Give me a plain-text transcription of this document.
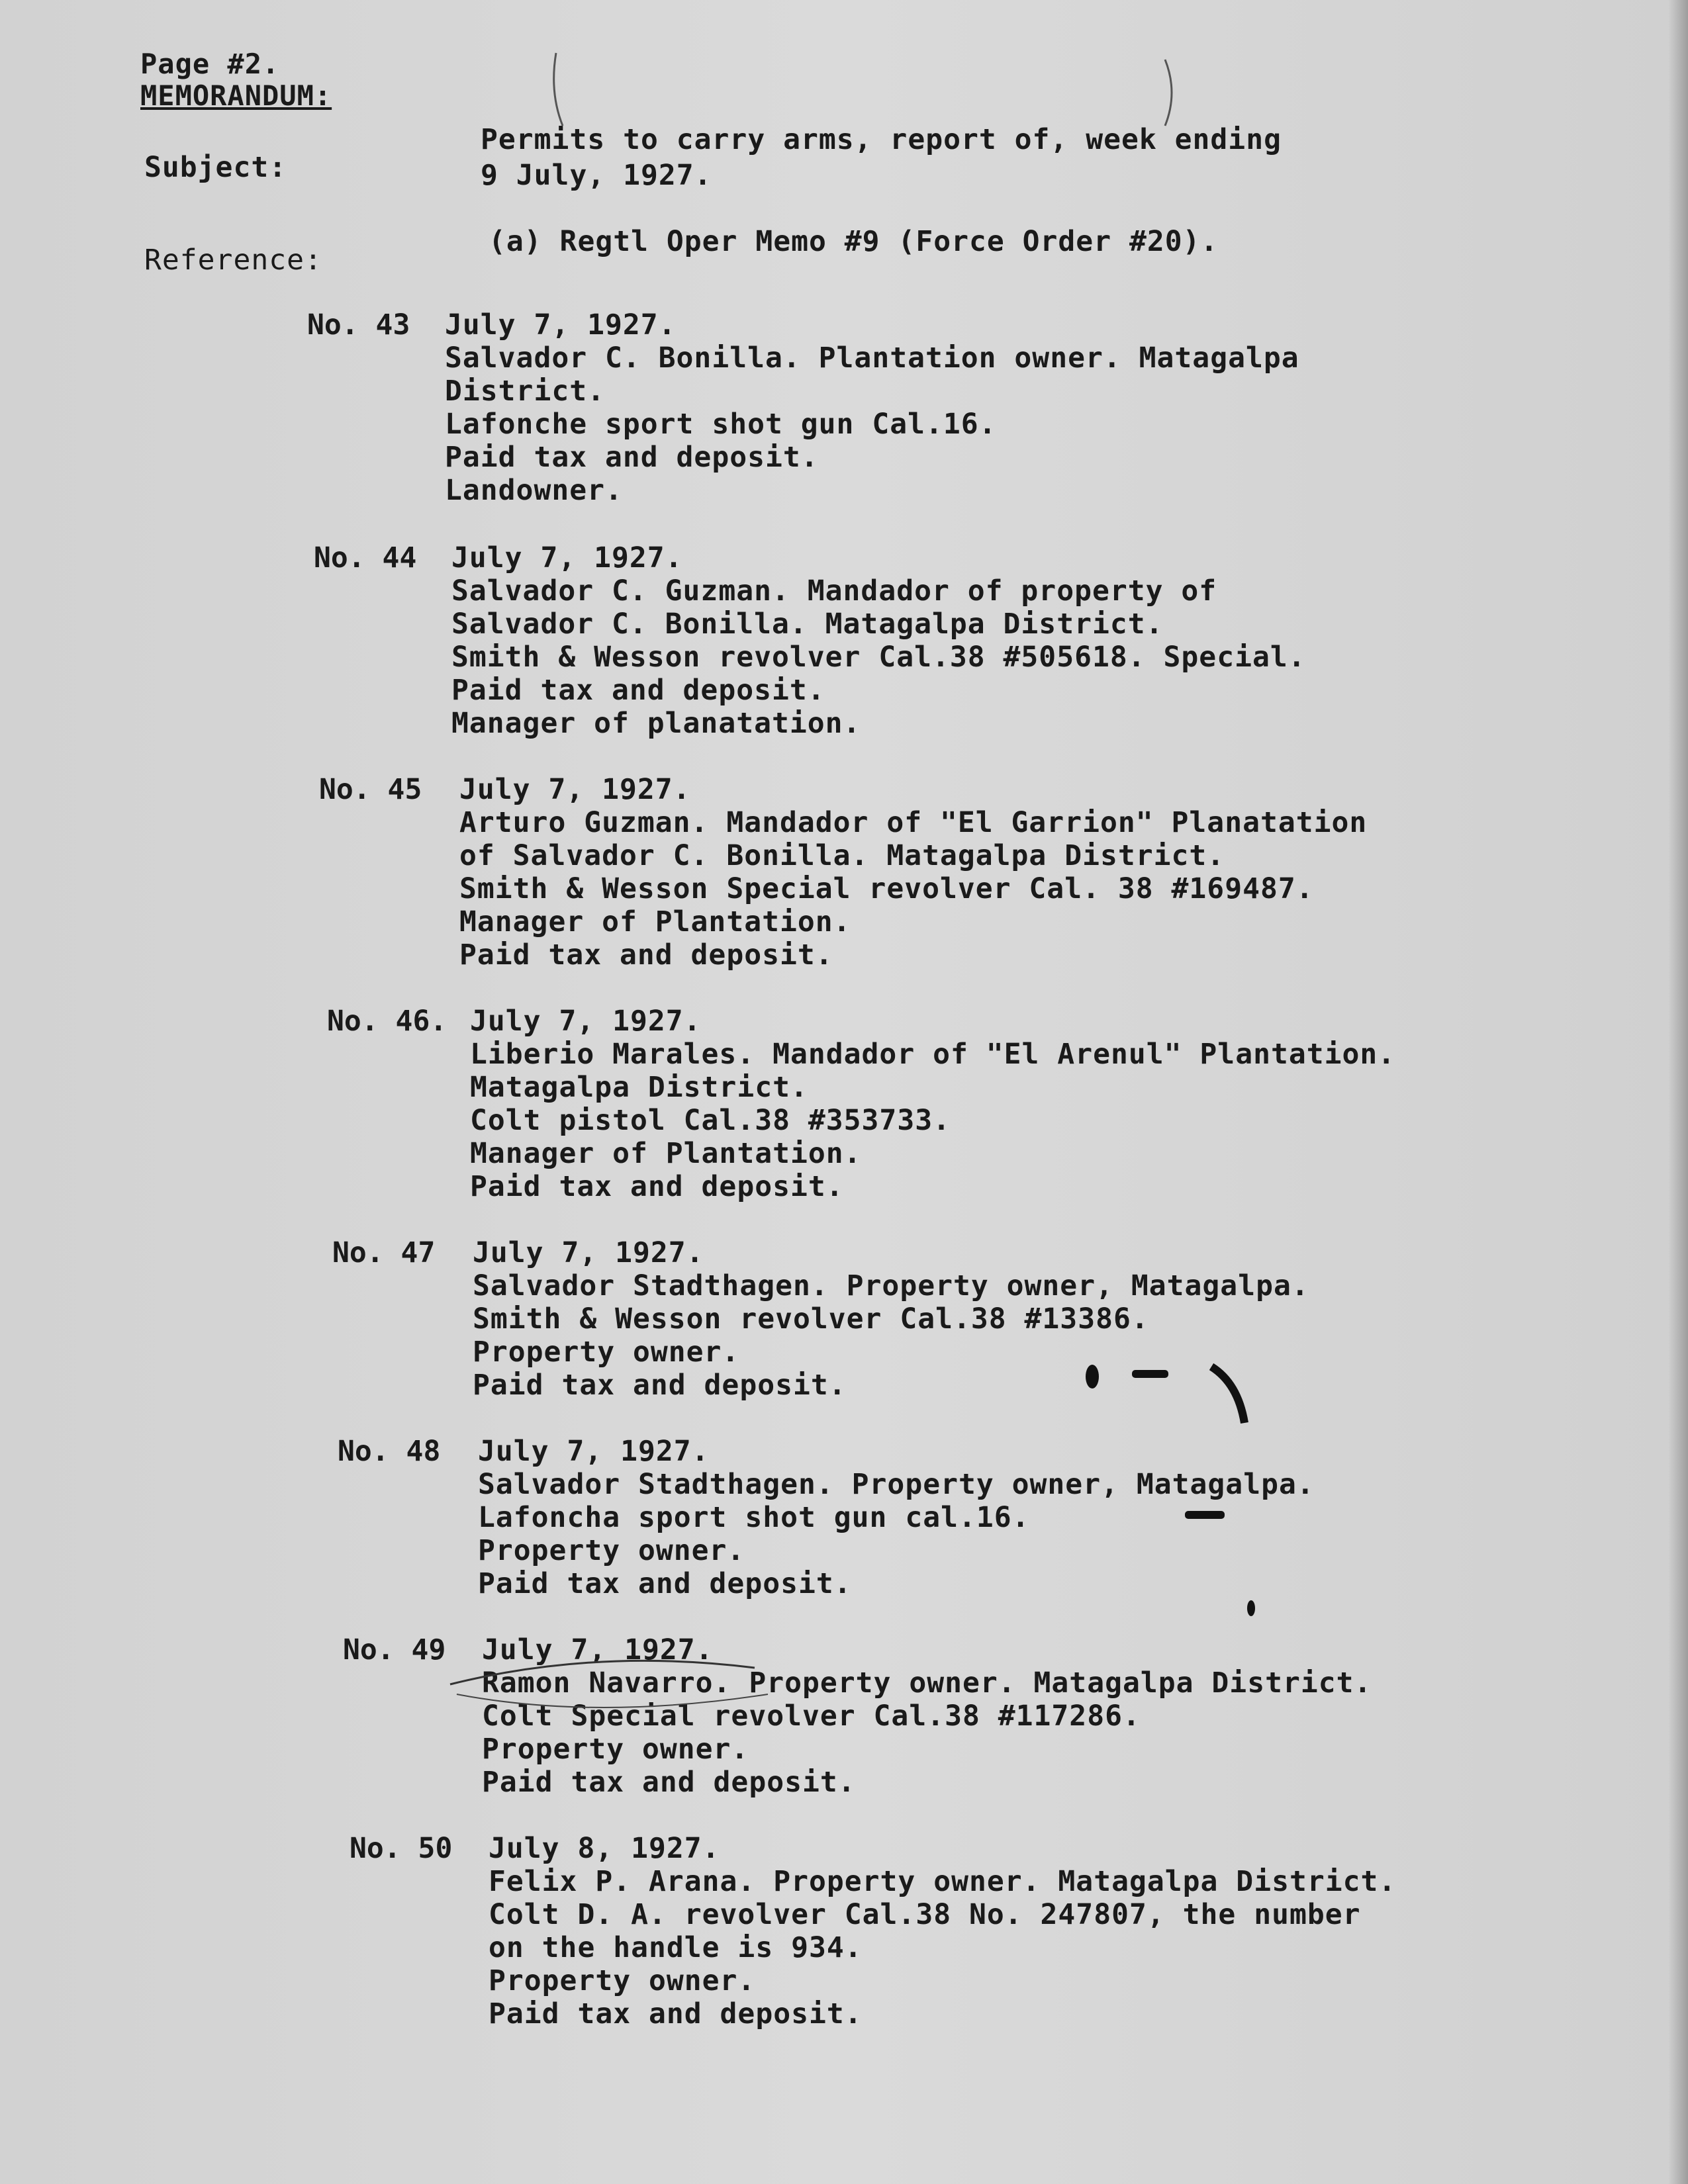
Page #2.
MEMORANDUM:
Subject:
Permits to carry arms, report of, week ending
9 July, 1927.
Reference:
(a) Regtl Oper Memo #9 (Force Order #20).
No. 43 July 7, 1927.
Salvador C. Bonilla. Plantation owner. Matagalpa
District.
Lafonche sport shot gun Cal.16.
Paid tax and deposit.
Landowner.
No. 44 July 7, 1927.
Salvador C. Guzman. Mandador of property of
Salvador C. Bonilla. Matagalpa District.
Smith & Wesson revolver Cal.38 #505618. Special.
Paid tax and deposit.
Manager of planatation.
No. 45 July 7, 1927.
Arturo Guzman. Mandador of "El Garrion" Planatation
of Salvador C. Bonilla. Matagalpa District.
Smith & Wesson Special revolver Cal. 38 #169487.
Manager of Plantation.
Paid tax and deposit.
No. 46. July 7, 1927.
Liberio Marales. Mandador of "El Arenul" Plantation.
Matagalpa District.
Colt pistol Cal.38 #353733.
Manager of Plantation.
Paid tax and deposit.
No. 47 July 7, 1927.
Salvador Stadthagen. Property owner, Matagalpa.
Smith & Wesson revolver Cal.38 #13386.
Property owner.
Paid tax and deposit.
No. 48 July 7, 1927.
Salvador Stadthagen. Property owner, Matagalpa.
Lafoncha sport shot gun cal.16.
Property owner.
Paid tax and deposit.
No. 49 July 7, 1927.
Ramon Navarro. Property owner. Matagalpa District.
Colt Special revolver Cal.38 #117286.
Property owner.
Paid tax and deposit.
No. 50 July 8, 1927.
Felix P. Arana. Property owner. Matagalpa District.
Colt D. A. revolver Cal.38 No. 247807, the number
on the handle is 934.
Property owner.
Paid tax and deposit.
